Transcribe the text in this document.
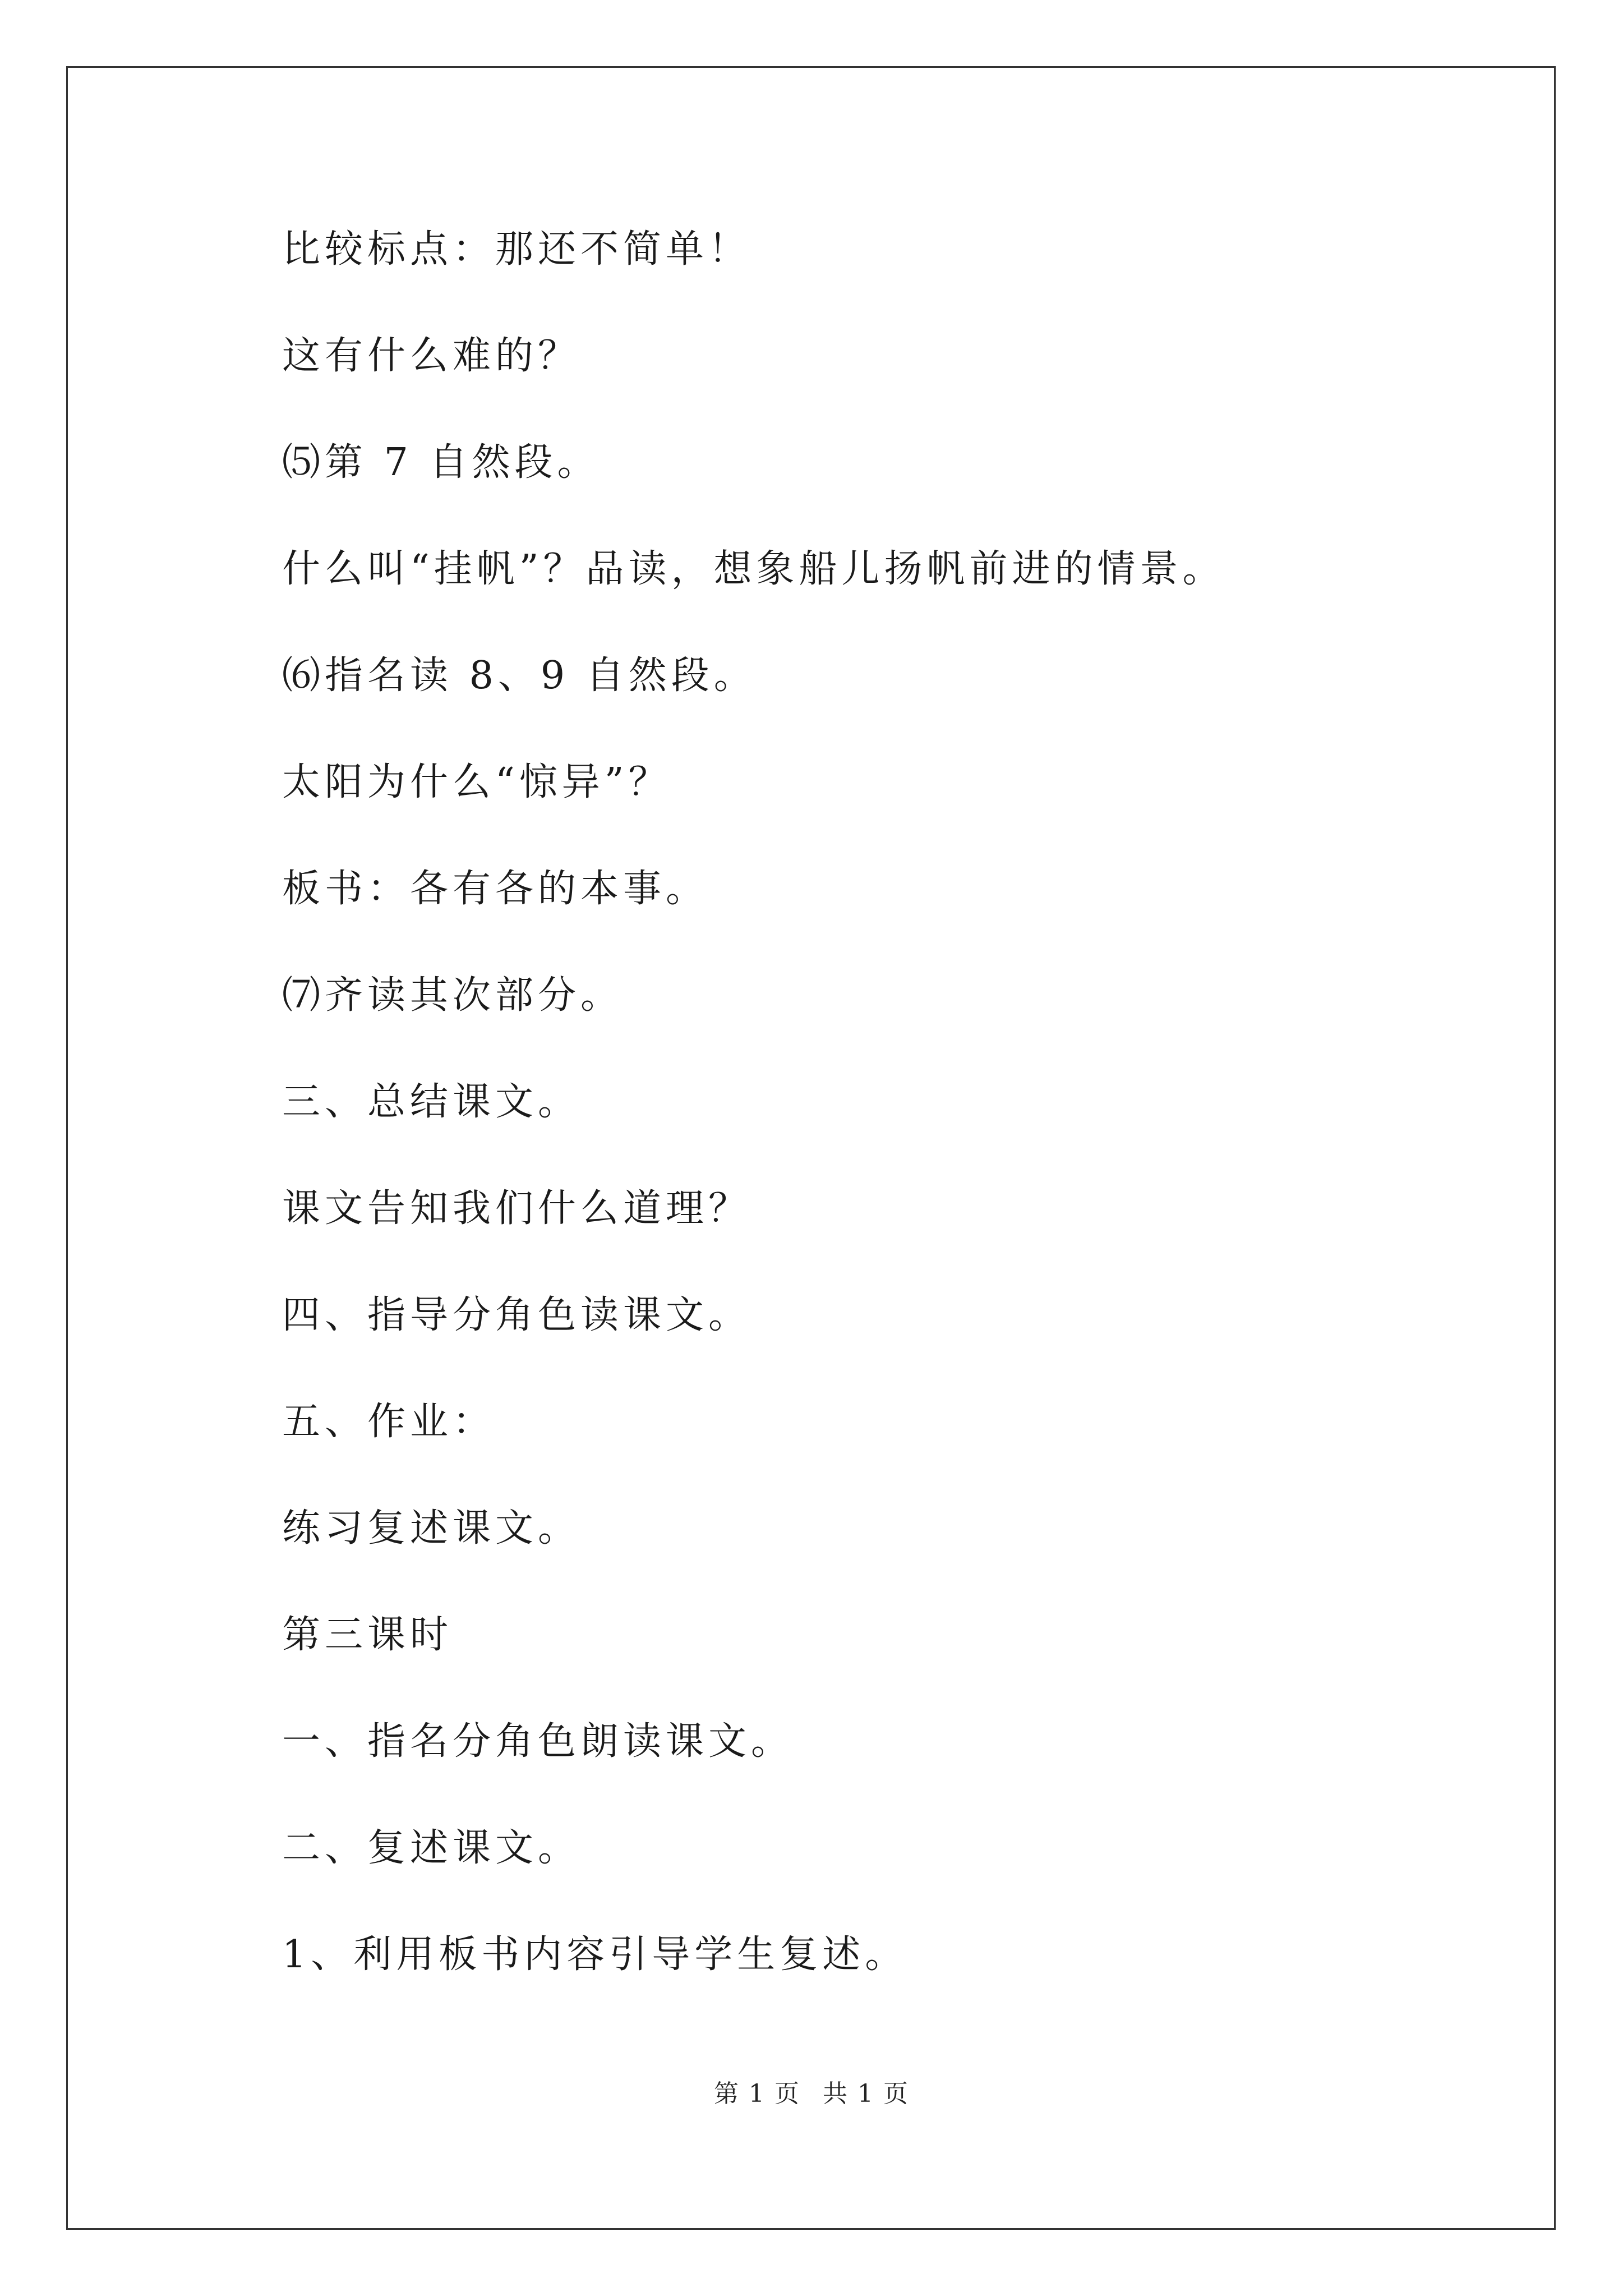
比较标点：那还不简单！
这有什么难的？
⑸第 7 自然段。
什么叫“挂帆”？品读，想象船儿扬帆前进的情景。
⑹指名读 8、9 自然段。
太阳为什么“惊异”？
板书：各有各的本事。
⑺齐读其次部分。
三、总结课文。
课文告知我们什么道理？
四、指导分角色读课文。
五、作业：
练习复述课文。
第三课时
一、指名分角色朗读课文。
二、复述课文。
1、利用板书内容引导学生复述。
第 1 页 共 1 页
